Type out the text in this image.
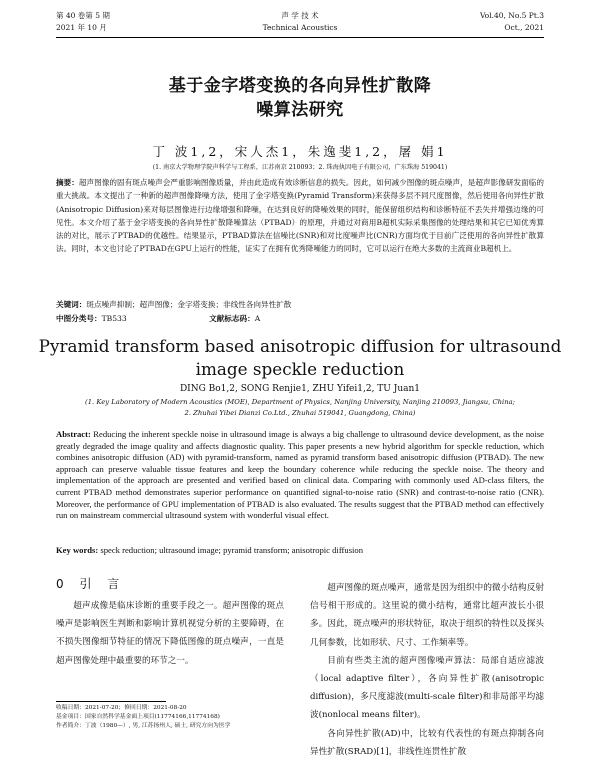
第 40 卷第 5 期
2021 年 10 月
声 学 技 术
Technical Acoustics
Vol.40, No.5 Pt.3
Oct., 2021
基于金字塔变换的各向异性扩散降
噪算法研究
丁 波1,2，宋人杰1，朱逸斐1,2，屠 娟1
(1. 南京大学物理学院声科学与工程系，江苏南京 210093；2. 珠海执因电子有限公司，广东珠海 519041)
摘要：超声图像的固有斑点噪声会严重影响图像质量，并由此造成有效诊断信息的损失。因此，如何减少图像的斑点噪声，是超声影像研发面临的重大挑战。本文提出了一种新的超声图像降噪方法，使用了金字塔变换(Pyramid Transform)来获得多层不同尺度图像，然后使用各向异性扩散(Anisotropic Diffusion)来对每层图像进行边缘增强和降噪，在达到良好的降噪效果的同时，能保留组织结构和诊断特征不丢失并增强边缘的可见性。本文介绍了基于金字塔变换的各向异性扩散降噪算法（PTBAD）的原理，并通过对商用B超机实际采集图像的处理结果和其它已知优秀算法的对比，展示了PTBAD的优越性。结果显示，PTBAD算法在信噪比(SNR)和对比度噪声比(CNR)方面均优于目前广泛使用的各向异性扩散算法。同时，本文也讨论了PTBAD在GPU上运行的性能，证实了在拥有优秀降噪能力的同时，它可以运行在绝大多数的主流商业B超机上。
关键词：斑点噪声抑制；超声图像；金字塔变换；非线性各向异性扩散
中图分类号：TB533	文献标志码：A
Pyramid transform based anisotropic diffusion for ultrasound
image speckle reduction
DING Bo1,2, SONG Renjie1, ZHU Yifei1,2, TU Juan1
(1. Key Laboratory of Modern Acoustics (MOE), Department of Physics, Nanjing University, Nanjing 210093, Jiangsu, China;
2. Zhuhai Yibei Dianzi Co.Ltd., Zhuhai 519041, Guangdong, China)
Abstract: Reducing the inherent speckle noise in ultrasound image is always a big challenge to ultrasound device development, as the noise greatly degraded the image quality and affects diagnostic quality. This paper presents a new hybrid algorithm for speckle reduction, which combines anisotropic diffusion (AD) with pyramid-transform, named as pyramid transform based anisotropic diffusion (PTBAD). The new approach can preserve valuable tissue features and keep the boundary coherence while reducing the speckle noise. The theory and implementation of the approach are presented and verified based on clinical data. Comparing with commonly used AD-class filters, the current PTBAD method demonstrates superior performance on quantified signal-to-noise ratio (SNR) and contrast-to-noise ratio (CNR). Moreover, the performance of GPU implementation of PTBAD is also evaluated. The results suggest that the PTBAD method can effectively run on mainstream commercial ultrasound system with wonderful visual effect.
Key words: speck reduction; ultrasound image; pyramid transform; anisotropic diffusion
0 引 言

超声成像是临床诊断的重要手段之一。超声图像的斑点噪声是影响医生判断和影响计算机视觉分析的主要障碍，在不损失图像细节特征的情况下降低图像的斑点噪声，一直是超声图像处理中最重要的环节之一。

超声图像的斑点噪声，通常是因为组织中的微小结构反射信号相干形成的。这里说的微小结构，通常比超声波长小很多。因此，斑点噪声的形状特征，取决于组织的特性以及探头几何参数，比如形状、尺寸、工作频率等。

目前有些类主流的超声图像噪声算法：局部自适应滤波（local adaptive filter），各向异性扩散(anisotropic diffusion)，多尺度滤波(multi-scale filter)和非局部平均滤波(nonlocal means filter)。

各向异性扩散(AD)中，比较有代表性的有斑点抑制各向异性扩散(SRAD)[1]，非线性连贯性扩散

收稿日期：2021-07-20；修回日期：2021-08-20
基金项目：国家自然科学基金面上项目(11774166,11774168)
作者简介：丁波（1980—）, 男, 江苏扬州人, 硕士, 研究方向为医学
